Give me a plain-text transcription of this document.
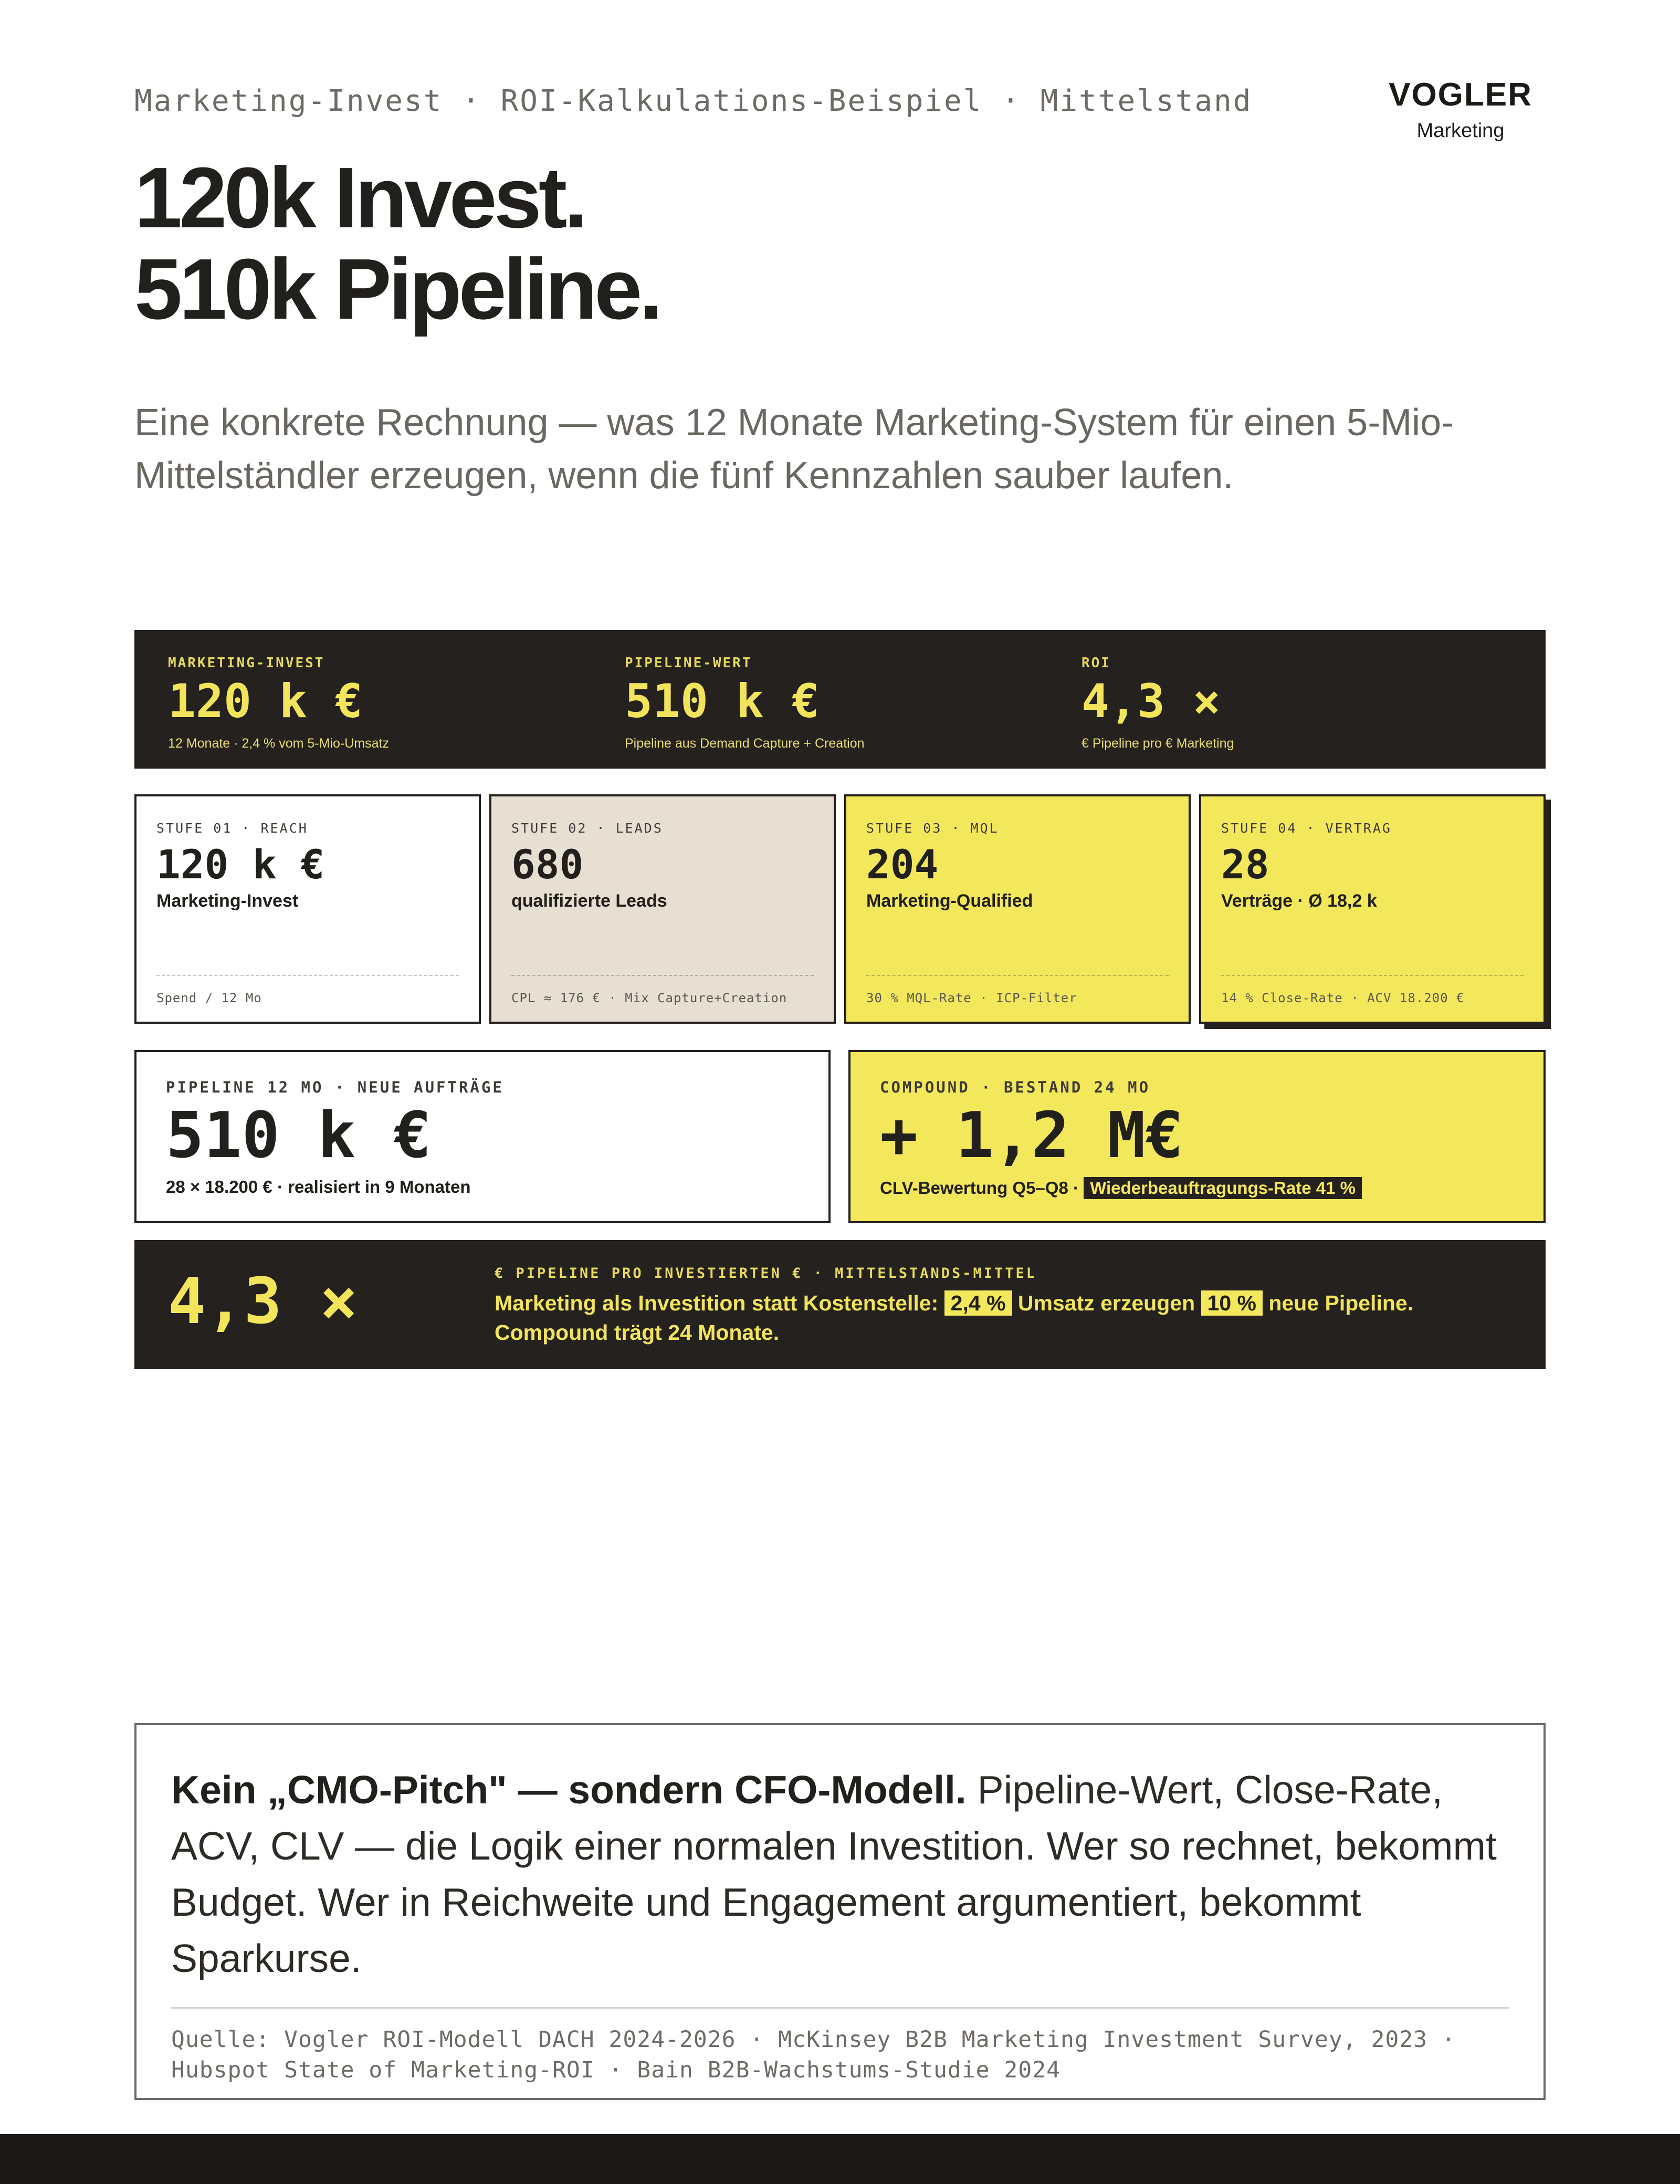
Marketing-Invest · ROI-Kalkulations-Beispiel · Mittelstand	VOGLER
Marketing
120k Invest.
510k Pipeline.

Eine konkrete Rechnung — was 12 Monate Marketing-System für einen 5-Mio-Mittelständler erzeugen, wenn die fünf Kennzahlen sauber laufen.

MARKETING-INVEST
120 k €
12 Monate · 2,4 % vom 5-Mio-Umsatz
PIPELINE-WERT
510 k €
Pipeline aus Demand Capture + Creation
ROI
4,3 ×
€ Pipeline pro € Marketing
STUFE 01 · REACH
120 k €
Marketing-Invest
Spend / 12 Mo
STUFE 02 · LEADS
680
qualifizierte Leads
CPL ≈ 176 € · Mix Capture+Creation
STUFE 03 · MQL
204
Marketing-Qualified
30 % MQL-Rate · ICP-Filter
STUFE 04 · VERTRAG
28
Verträge · Ø 18,2 k
14 % Close-Rate · ACV 18.200 €
PIPELINE 12 MO · NEUE AUFTRÄGE
510 k €
28 × 18.200 € · realisiert in 9 Monaten
COMPOUND · BESTAND 24 MO
+ 1,2 M€
CLV-Bewertung Q5–Q8 · Wiederbeauftragungs-Rate 41 %
4,3 ×	€ PIPELINE PRO INVESTIERTEN € · MITTELSTANDS-MITTEL
Marketing als Investition statt Kostenstelle: 2,4 % Umsatz erzeugen 10 % neue Pipeline.
Compound trägt 24 Monate.

Kein „CMO-Pitch" — sondern CFO-Modell. Pipeline-Wert, Close-Rate, ACV, CLV — die Logik einer normalen Investition. Wer so rechnet, bekommt Budget. Wer in Reichweite und Engagement argumentiert, bekommt Sparkurse.

Quelle: Vogler ROI-Modell DACH 2024-2026 · McKinsey B2B Marketing Investment Survey, 2023 · Hubspot State of Marketing-ROI · Bain B2B-Wachstums-Studie 2024
